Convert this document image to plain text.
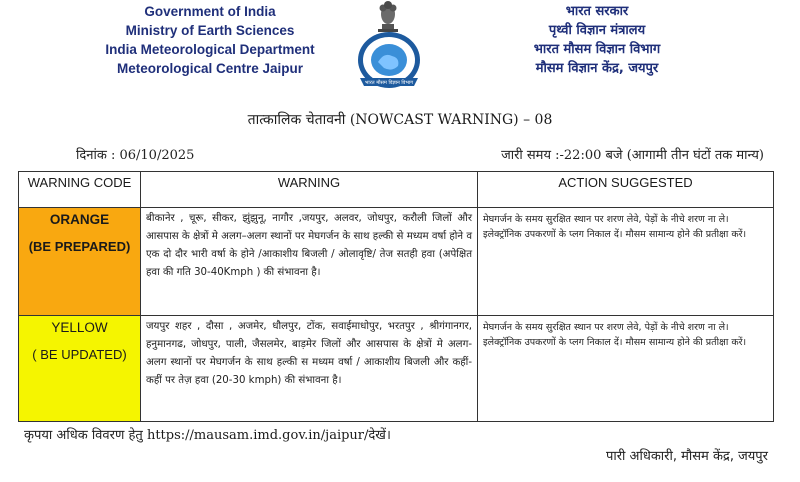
Government of India
Ministry of Earth Sciences
India Meteorological Department
Meteorological Centre Jaipur
भारत मौसम विज्ञान विभाग
भारत सरकार
पृथ्वी विज्ञान मंत्रालय
भारत मौसम विज्ञान विभाग
मौसम विज्ञान केंद्र, जयपुर
तात्कालिक चेतावनी (NOWCAST WARNING) – 08
दिनांक : 06/10/2025	जारी समय :-22:00 बजे (आगामी तीन घंटों तक मान्य)
WARNING CODE	WARNING	ACTION SUGGESTED

ORANGE
(BE PREPARED)	बीकानेर , चूरू, सीकर, झुंझुनू, नागौर ,जयपुर, अलवर, जोधपुर, करौली जिलों और आसपास के क्षेत्रों मे अलग–अलग स्थानों पर मेघगर्जन के साथ हल्की से मध्यम वर्षा होने व एक दो दौर भारी वर्षा के होने /आकाशीय बिजली / ओलावृष्टि/ तेज सतही हवा (अपेक्षित हवा की गति 30-40Kmph ) की संभावना है।	मेघगर्जन के समय सुरक्षित स्थान पर शरण लेवे, पेड़ों के नीचे शरण ना ले। इलेक्ट्रॉनिक उपकरणों के प्लग निकाल दें। मौसम सामान्य होने की प्रतीक्षा करें।

YELLOW
( BE UPDATED)	जयपुर शहर , दौसा , अजमेर, धौलपुर, टोंक, सवाईमाधोपुर, भरतपुर , श्रीगंगानगर, हनुमानगढ, जोधपुर, पाली, जैसलमेर, बाड़मेर जिलों और आसपास के क्षेत्रों मे अलग-अलग स्थानों पर मेघगर्जन के साथ हल्की स मध्यम वर्षा / आकाशीय बिजली और कहीं-कहीं पर तेज़ हवा (20-30 kmph) की संभावना है।	मेघगर्जन के समय सुरक्षित स्थान पर शरण लेवे, पेड़ों के नीचे शरण ना ले। इलेक्ट्रॉनिक उपकरणों के प्लग निकाल दें। मौसम सामान्य होने की प्रतीक्षा करें।
कृपया अधिक विवरण हेतु https://mausam.imd.gov.in/jaipur/देखें।
पारी अधिकारी, मौसम केंद्र, जयपुर
